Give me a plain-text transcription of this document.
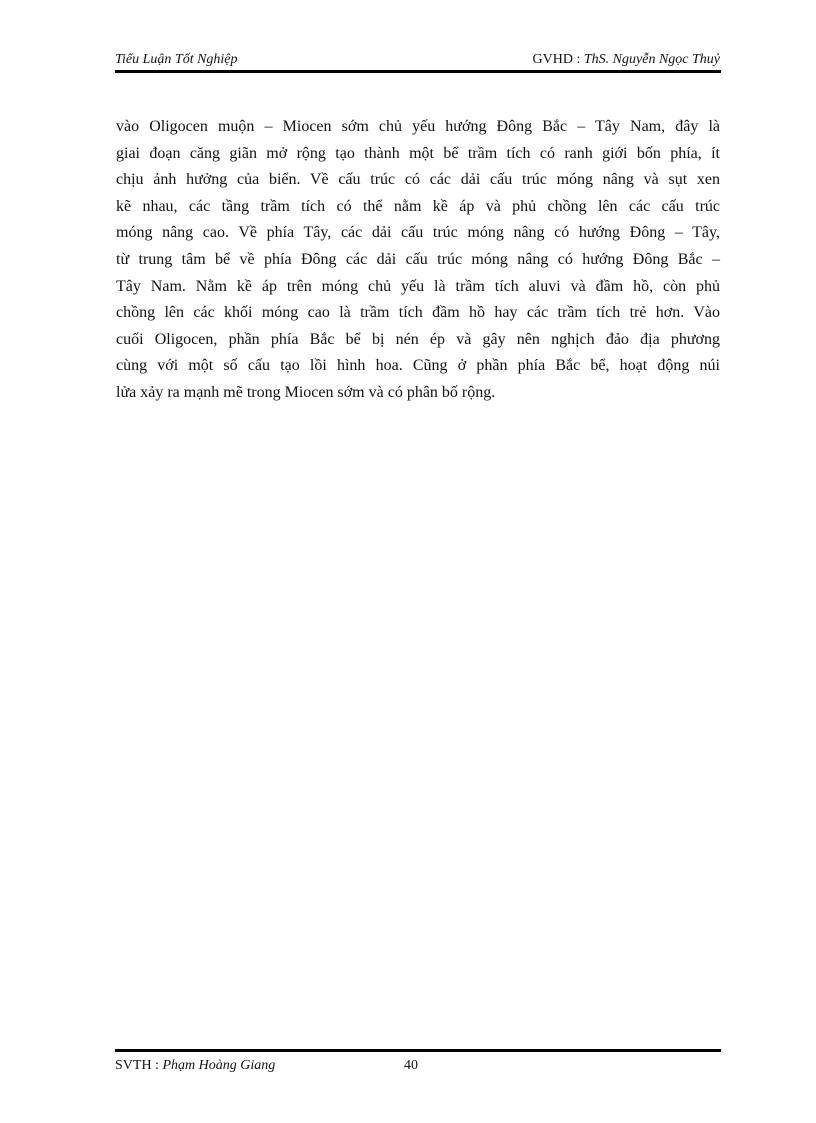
Tiểu Luận Tốt Nghiệp	GVHD : ThS. Nguyễn Ngọc Thuỷ
vào Oligocen muộn – Miocen sớm chủ yếu hướng Đông Bắc – Tây Nam, đây là
giai đoạn căng giãn mở rộng tạo thành một bể trầm tích có ranh giới bốn phía, ít
chịu ảnh hưởng của biển. Về cấu trúc có các dải cấu trúc móng nâng và sụt xen
kẽ nhau, các tầng trầm tích có thể nằm kề áp và phủ chồng lên các cấu trúc
móng nâng cao. Về phía Tây, các dải cấu trúc móng nâng có hướng Đông – Tây,
từ trung tâm bể về phía Đông các dải cấu trúc móng nâng có hướng Đông Bắc –
Tây Nam. Nằm kề áp trên móng chủ yếu là trầm tích aluvi và đầm hồ, còn phủ
chồng lên các khối móng cao là trầm tích đầm hồ hay các trầm tích trẻ hơn. Vào
cuối Oligocen, phần phía Bắc bể bị nén ép và gây nên nghịch đảo địa phương
cùng với một số cấu tạo lồi hình hoa. Cũng ở phần phía Bắc bể, hoạt động núi
lửa xảy ra mạnh mẽ trong Miocen sớm và có phân bố rộng.
SVTH : Phạm Hoàng Giang	40
